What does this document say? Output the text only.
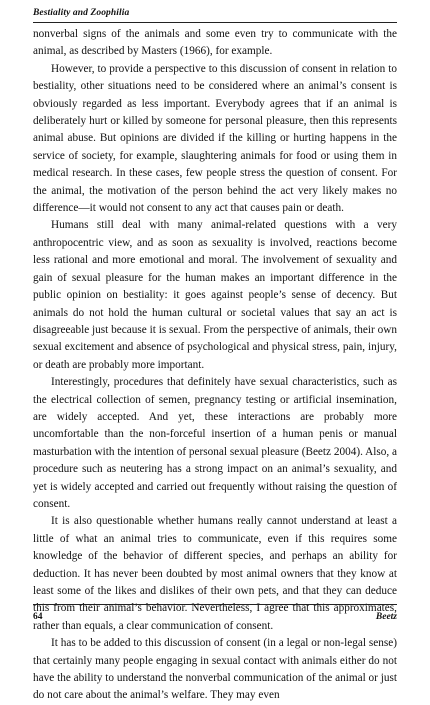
Bestiality and Zoophilia

nonverbal signs of the animals and some even try to communicate with the animal, as described by Masters (1966), for example.

However, to provide a perspective to this discussion of consent in relation to bestiality, other situations need to be considered where an animal’s consent is obviously regarded as less important. Everybody agrees that if an animal is deliberately hurt or killed by someone for personal pleasure, then this represents animal abuse. But opinions are divided if the killing or hurting happens in the service of society, for example, slaughtering animals for food or using them in medical research. In these cases, few people stress the question of consent. For the animal, the motivation of the person behind the act very likely makes no difference—it would not consent to any act that causes pain or death.

Humans still deal with many animal-related questions with a very anthropocentric view, and as soon as sexuality is involved, reactions become less rational and more emotional and moral. The involvement of sexuality and gain of sexual pleasure for the human makes an important difference in the public opinion on bestiality: it goes against people’s sense of decency. But animals do not hold the human cultural or societal values that say an act is disagreeable just because it is sexual. From the perspective of animals, their own sexual excitement and absence of psychological and physical stress, pain, injury, or death are probably more important.

Interestingly, procedures that definitely have sexual characteristics, such as the electrical collection of semen, pregnancy testing or artificial insemination, are widely accepted. And yet, these interactions are probably more uncomfortable than the non-forceful insertion of a human penis or manual masturbation with the intention of personal sexual pleasure (Beetz 2004). Also, a procedure such as neutering has a strong impact on an animal’s sexuality, and yet is widely accepted and carried out frequently without raising the question of consent.

It is also questionable whether humans really cannot understand at least a little of what an animal tries to communicate, even if this requires some knowledge of the behavior of different species, and perhaps an ability for deduction. It has never been doubted by most animal owners that they know at least some of the likes and dislikes of their own pets, and that they can deduce this from their animal’s behavior. Nevertheless, I agree that this approximates, rather than equals, a clear communication of consent.

It has to be added to this discussion of consent (in a legal or non-legal sense) that certainly many people engaging in sexual contact with animals either do not have the ability to understand the nonverbal communication of the animal or just do not care about the animal’s welfare. They may even

64	Beetz
